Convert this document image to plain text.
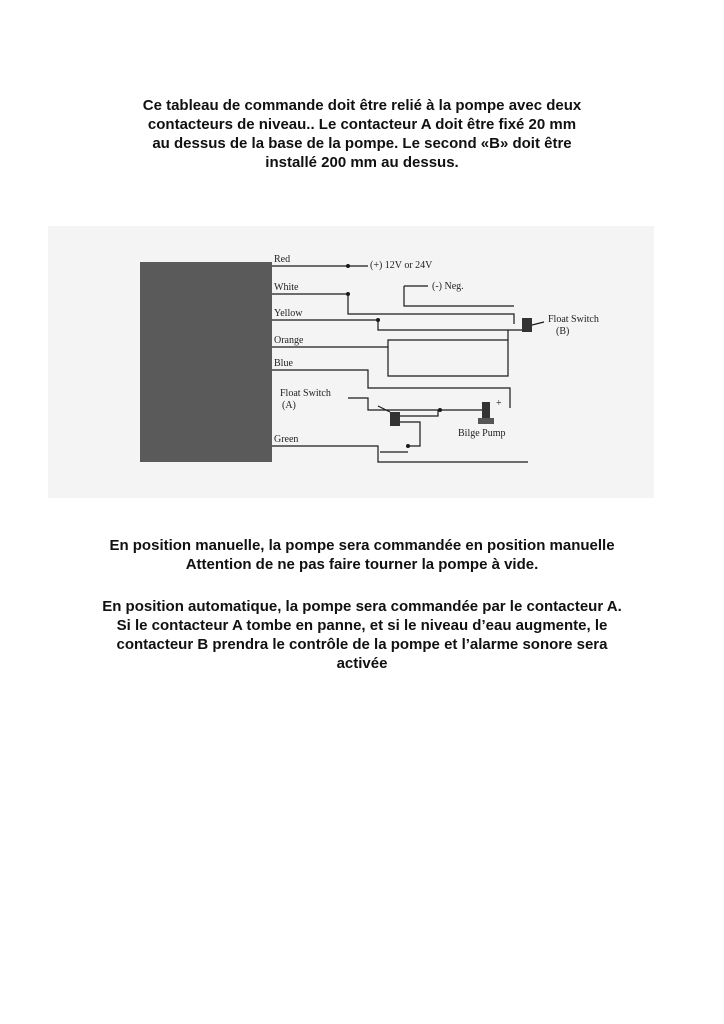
Ce tableau de commande doit être relié à la pompe avec deux
contacteurs de niveau.. Le contacteur A doit être fixé 20 mm
au dessus de la base de la pompe. Le second «B» doit être
installé 200 mm au dessus.

Red
White
Yellow
Orange
Blue
Green
(+) 12V or 24V
(-) Neg.
Float Switch
(B)
Float Switch
(A)
Bilge Pump
+

En position manuelle, la pompe sera commandée en position manuelle
Attention de ne pas faire tourner la pompe à vide.

En position automatique, la pompe sera commandée par le contacteur A.
Si le contacteur A tombe en panne, et si le niveau d’eau augmente, le
contacteur B prendra le contrôle de la pompe et l’alarme sonore sera
activée
